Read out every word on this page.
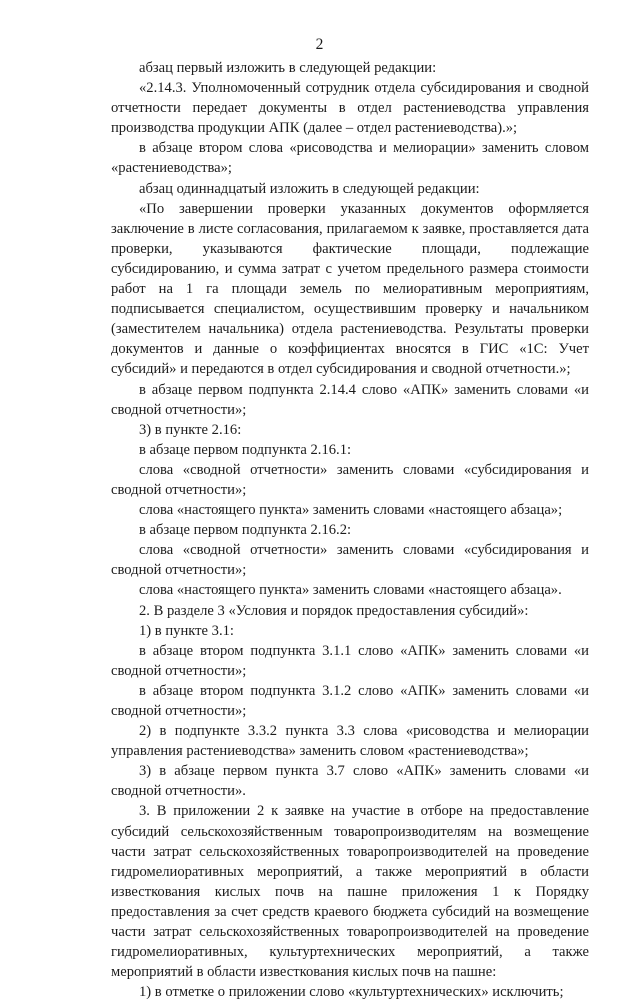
2

абзац первый изложить в следующей редакции:

«2.14.3. Уполномоченный сотрудник отдела субсидирования и сводной отчетности передает документы в отдел растениеводства управления производства продукции АПК (далее – отдел растениеводства).»;

в абзаце втором слова «рисоводства и мелиорации» заменить словом «растениеводства»;

абзац одиннадцатый изложить в следующей редакции:

«По завершении проверки указанных документов оформляется заключение в листе согласования, прилагаемом к заявке, проставляется дата проверки, указываются фактические площади, подлежащие субсидированию, и сумма затрат с учетом предельного размера стоимости работ на 1 га площади земель по мелиоративным мероприятиям, подписывается специалистом, осуществившим проверку и начальником (заместителем начальника) отдела растениеводства. Результаты проверки документов и данные о коэффициентах вносятся в ГИС «1С: Учет субсидий» и передаются в отдел субсидирования и сводной отчетности.»;

в абзаце первом подпункта 2.14.4 слово «АПК» заменить словами «и сводной отчетности»;

3) в пункте 2.16:

в абзаце первом подпункта 2.16.1:

слова «сводной отчетности» заменить словами «субсидирования и сводной отчетности»;

слова «настоящего пункта» заменить словами «настоящего абзаца»;

в абзаце первом подпункта 2.16.2:

слова «сводной отчетности» заменить словами «субсидирования и сводной отчетности»;

слова «настоящего пункта» заменить словами «настоящего абзаца».

2. В разделе 3 «Условия и порядок предоставления субсидий»:

1) в пункте 3.1:

в абзаце втором подпункта 3.1.1 слово «АПК» заменить словами «и сводной отчетности»;

в абзаце втором подпункта 3.1.2 слово «АПК» заменить словами «и сводной отчетности»;

2) в подпункте 3.3.2 пункта 3.3 слова «рисоводства и мелиорации управления растениеводства» заменить словом «растениеводства»;

3) в абзаце первом пункта 3.7 слово «АПК» заменить словами «и сводной отчетности».

3. В приложении 2 к заявке на участие в отборе на предоставление субсидий сельскохозяйственным товаропроизводителям на возмещение части затрат сельскохозяйственных товаропроизводителей на проведение гидромелиоративных мероприятий, а также мероприятий в области известкования кислых почв на пашне приложения 1 к Порядку предоставления за счет средств краевого бюджета субсидий на возмещение части затрат сельскохозяйственных товаропроизводителей на проведение гидромелиоративных, культуртехнических мероприятий, а также мероприятий в области известкования кислых почв на пашне:

1) в отметке о приложении слово «культуртехнических» исключить;
